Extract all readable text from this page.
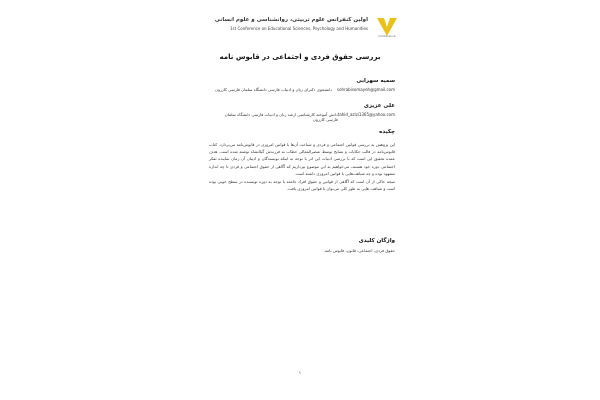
Conference
اولین کنفرانس علوم تربیتی، روانشناسی و علوم انسانی
1st Conference on Educational Sciences, Psychology and Humanities
بررسی حقوق فردی و اجتماعی در قابوس نامه
سمیه سهرابی
دانشجوی دکترای زبان و ادبیات فارسی دانشگاه سلمان فارسی کازرون sohrabisomayeh@gmail.com
علی عزیزی
دانش آموخته کارشناسی ارشد زبان و ادبیات فارسی دانشگاه سلمان فارسی کازرون
tahid_azizi1365@yahoo.com
چکیده

این پژوهش به بررسی قوانین اجتماعی و فردی و شناخت آن‌ها با قوانین امروزی در قابوس‌نامه می‌پردازد. کتاب قابوس‌نامه در قالب حکایات و نصایح توسط عنصرالمعالی خطاب به فرزندش گیلانشاه نوشته شده است. هدف عمده تحقیق این است که با بررسی ادبیات این اثر با توجه به اینکه نویسندگان و ادیبان آن زمان نماینده تفکر اجتماعی دوره خود هستند، می‌خواهیم به این موضوع بپردازیم که آگاهی از حقوق اجتماعی و فردی تا چه اندازه مشهود بوده و چه شباهت‌هایی با قوانین امروزی داشته است.

نتیجه حاکی از آن است که آگاهی از قوانین و حقوق افراد جامعه با توجه به دوره نویسنده در سطح خوبی بوده است و شباهت هایی به طور کلی می‌توان با قوانین امروزی یافت.

واژگان کلیدی
حقوق فردی، اجتماعی، قانون، قابوس نامه.
۱
